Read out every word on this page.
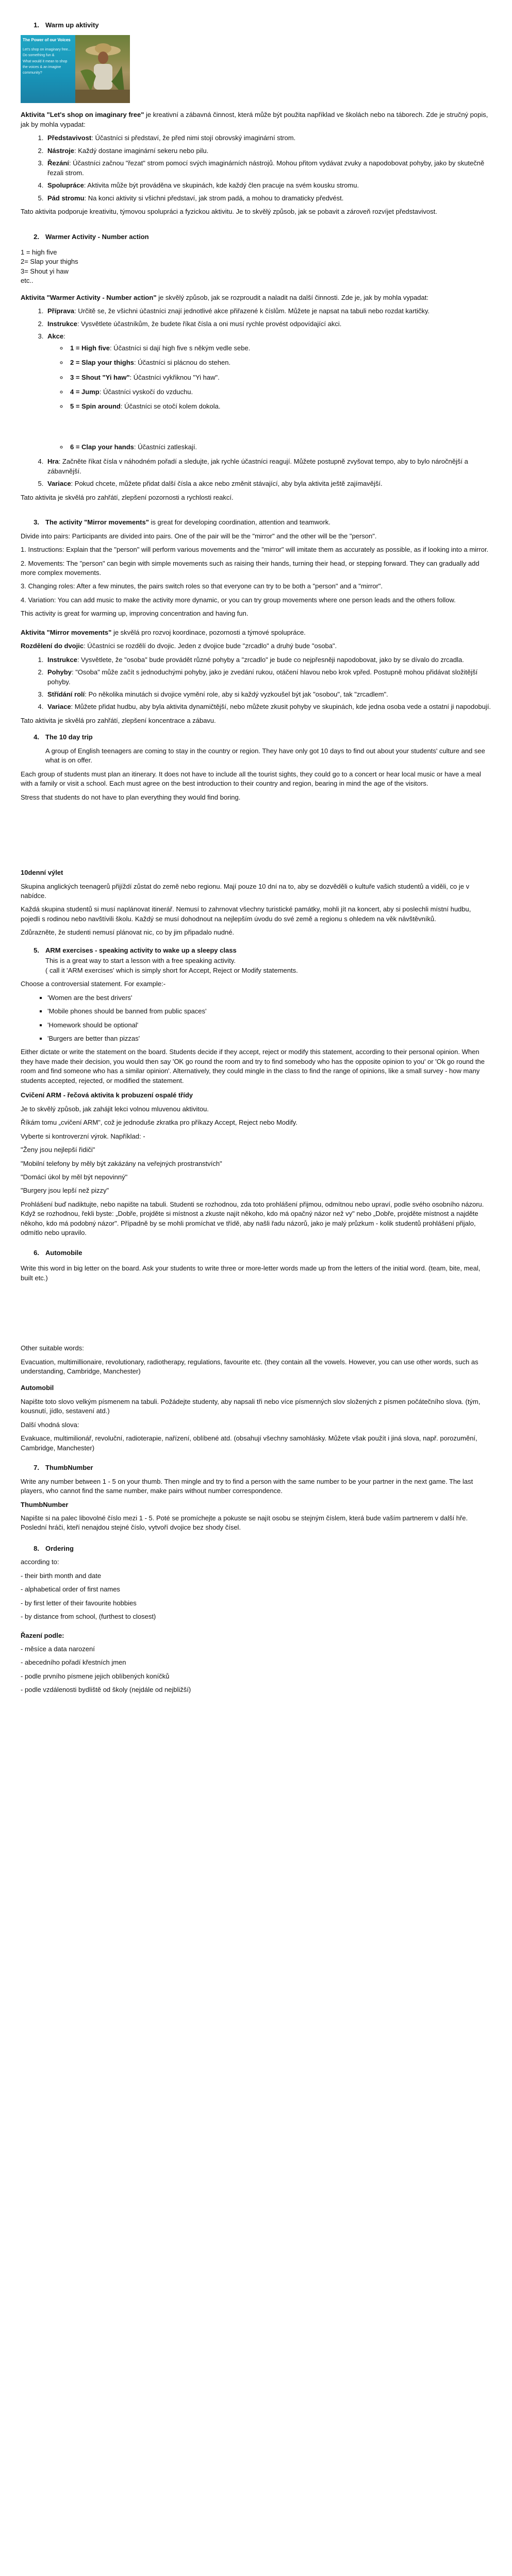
1. Warm up aktivity
The Power of our Voices
Let's shop on imaginary free...
Do something fun &
What would it mean to shop
the voices & an imagine
community?

Aktivita "Let's shop on imaginary free" je kreativní a zábavná činnost, která může být použita například ve školách nebo na táborech. Zde je stručný popis, jak by mohla vypadat:

1. Představivost: Účastníci si představí, že před nimi stojí obrovský imaginární strom.
2. Nástroje: Každý dostane imaginární sekeru nebo pilu.
3. Řezání: Účastníci začnou "řezat" strom pomocí svých imaginárních nástrojů. Mohou přitom vydávat zvuky a napodobovat pohyby, jako by skutečně řezali strom.
4. Spolupráce: Aktivita může být prováděna ve skupinách, kde každý člen pracuje na svém kousku stromu.
5. Pád stromu: Na konci aktivity si všichni představí, jak strom padá, a mohou to dramaticky předvést.

Tato aktivita podporuje kreativitu, týmovou spolupráci a fyzickou aktivitu. Je to skvělý způsob, jak se pobavit a zároveň rozvíjet představivost.

2. Warmer Activity - Number action
1 = high five
2= Slap your thighs
3= Shout yi haw
etc..

Aktivita "Warmer Activity - Number action" je skvělý způsob, jak se rozproudit a naladit na další činnosti. Zde je, jak by mohla vypadat:

1. Příprava: Určitě se, že všichni účastníci znají jednotlivé akce přiřazené k číslům. Můžete je napsat na tabuli nebo rozdat kartičky.
2. Instrukce: Vysvětlete účastníkům, že budete říkat čísla a oni musí rychle provést odpovídající akci.
3. Akce:
◦ 1 = High five: Účastníci si dají high five s někým vedle sebe.
◦ 2 = Slap your thighs: Účastníci si plácnou do stehen.
◦ 3 = Shout "Yi haw": Účastníci vykřiknou "Yi haw".
◦ 4 = Jump: Účastníci vyskočí do vzduchu.
◦ 5 = Spin around: Účastníci se otočí kolem dokola.
◦ 6 = Clap your hands: Účastníci zatleskají.
4. Hra: Začněte říkat čísla v náhodném pořadí a sledujte, jak rychle účastníci reagují. Můžete postupně zvyšovat tempo, aby to bylo náročnější a zábavnější.
5. Variace: Pokud chcete, můžete přidat další čísla a akce nebo změnit stávající, aby byla aktivita ještě zajímavější.

Tato aktivita je skvělá pro zahřátí, zlepšení pozornosti a rychlosti reakcí.

3. The activity "Mirror movements" is great for developing coordination, attention and teamwork.

Divide into pairs: Participants are divided into pairs. One of the pair will be the "mirror" and the other will be the "person".

1. Instructions: Explain that the "person" will perform various movements and the "mirror" will imitate them as accurately as possible, as if looking into a mirror.

2. Movements: The "person" can begin with simple movements such as raising their hands, turning their head, or stepping forward. They can gradually add more complex movements.

3. Changing roles: After a few minutes, the pairs switch roles so that everyone can try to be both a "person" and a "mirror".

4. Variation: You can add music to make the activity more dynamic, or you can try group movements where one person leads and the others follow.

This activity is great for warming up, improving concentration and having fun.

Aktivita "Mirror movements" je skvělá pro rozvoj koordinace, pozornosti a týmové spolupráce.

Rozdělení do dvojic: Účastníci se rozdělí do dvojic. Jeden z dvojice bude "zrcadlo" a druhý bude "osoba".

1. Instrukce: Vysvětlete, že "osoba" bude provádět různé pohyby a "zrcadlo" je bude co nejpřesněji napodobovat, jako by se dívalo do zrcadla.
2. Pohyby: "Osoba" může začít s jednoduchými pohyby, jako je zvedání rukou, otáčení hlavou nebo krok vpřed. Postupně mohou přidávat složitější pohyby.
3. Střídání rolí: Po několika minutách si dvojice vymění role, aby si každý vyzkoušel být jak "osobou", tak "zrcadlem".
4. Variace: Můžete přidat hudbu, aby byla aktivita dynamičtější, nebo můžete zkusit pohyby ve skupinách, kde jedna osoba vede a ostatní ji napodobují.

Tato aktivita je skvělá pro zahřátí, zlepšení koncentrace a zábavu.

4. The 10 day trip

A group of English teenagers are coming to stay in the country or region. They have only got 10 days to find out about your students' culture and see what is on offer.

Each group of students must plan an itinerary. It does not have to include all the tourist sights, they could go to a concert or hear local music or have a meal with a family or visit a school. Each must agree on the best introduction to their country and region, bearing in mind the age of the visitors.

Stress that students do not have to plan everything they would find boring.

10denní výlet

Skupina anglických teenagerů přijíždí zůstat do země nebo regionu. Mají pouze 10 dní na to, aby se dozvěděli o kultuře vašich studentů a viděli, co je v nabídce.

Každá skupina studentů si musí naplánovat itinerář. Nemusí to zahrnovat všechny turistické památky, mohli jít na koncert, aby si poslechli místní hudbu, pojedli s rodinou nebo navštívili školu. Každý se musí dohodnout na nejlepším úvodu do své země a regionu s ohledem na věk návštěvníků.

Zdůrazněte, že studenti nemusí plánovat nic, co by jim připadalo nudné.

5. ARM exercises - speaking activity to wake up a sleepy class
This is a great way to start a lesson with a free speaking activity.
( call it 'ARM exercises' which is simply short for Accept, Reject or Modify statements.

Choose a controversial statement. For example:-

▪ 'Women are the best drivers'
▪ 'Mobile phones should be banned from public spaces'
▪ 'Homework should be optional'
▪ 'Burgers are better than pizzas'

Either dictate or write the statement on the board. Students decide if they accept, reject or modify this statement, according to their personal opinion. When they have made their decision, you would then say 'OK go round the room and try to find somebody who has the opposite opinion to you' or 'Ok go round the room and find someone who has a similar opinion'. Alternatively, they could mingle in the class to find the range of opinions, like a small survey - how many students accepted, rejected, or modified the statement.

Cvičení ARM - řečová aktivita k probuzení ospalé třídy

Je to skvělý způsob, jak zahájit lekci volnou mluvenou aktivitou.

Říkám tomu „cvičení ARM", což je jednoduše zkratka pro příkazy Accept, Reject nebo Modify.

Vyberte si kontroverzní výrok. Například: -

"Ženy jsou nejlepší řidiči"

"Mobilní telefony by měly být zakázány na veřejných prostranstvích"

"Domácí úkol by měl být nepovinný"

"Burgery jsou lepší než pizzy"

Prohlášení buď nadiktujte, nebo napište na tabuli. Studenti se rozhodnou, zda toto prohlášení přijmou, odmítnou nebo upraví, podle svého osobního názoru. Když se rozhodnou, řekli byste: „Dobře, projděte si místnost a zkuste najít někoho, kdo má opačný názor než vy" nebo „Dobře, projděte místnost a najděte někoho, kdo má podobný názor". Případně by se mohli promíchat ve třídě, aby našli řadu názorů, jako je malý průzkum - kolik studentů prohlášení přijalo, odmítlo nebo upravilo.

6. Automobile

Write this word in big letter on the board. Ask your students to write three or more-letter words made up from the letters of the initial word. (team, bite, meal, built etc.)

Other suitable words:

Evacuation, multimillionaire, revolutionary, radiotherapy, regulations, favourite etc. (they contain all the vowels. However, you can use other words, such as understanding, Cambridge, Manchester)

Automobil

Napište toto slovo velkým písmenem na tabuli. Požádejte studenty, aby napsali tři nebo více písmenných slov složených z písmen počátečního slova. (tým, kousnutí, jídlo, sestavení atd.)

Další vhodná slova:

Evakuace, multimilionář, revoluční, radioterapie, nařízení, oblíbené atd. (obsahují všechny samohlásky. Můžete však použít i jiná slova, např. porozumění, Cambridge, Manchester)

7. ThumbNumber

Write any number between 1 - 5 on your thumb. Then mingle and try to find a person with the same number to be your partner in the next game. The last players, who cannot find the same number, make pairs without number correspondence.

ThumbNumber

Napište si na palec libovolné číslo mezi 1 - 5. Poté se promíchejte a pokuste se najít osobu se stejným číslem, která bude vaším partnerem v další hře. Poslední hráči, kteří nenajdou stejné číslo, vytvoří dvojice bez shody čísel.

8. Ordering

according to:

- their birth month and date

- alphabetical order of first names

- by first letter of their favourite hobbies

- by distance from school, (furthest to closest)

Řazení podle:

- měsíce a data narození

- abecedního pořadí křestních jmen

- podle prvního písmene jejich oblíbených koníčků

- podle vzdálenosti bydliště od školy (nejdále od nejbližší)
